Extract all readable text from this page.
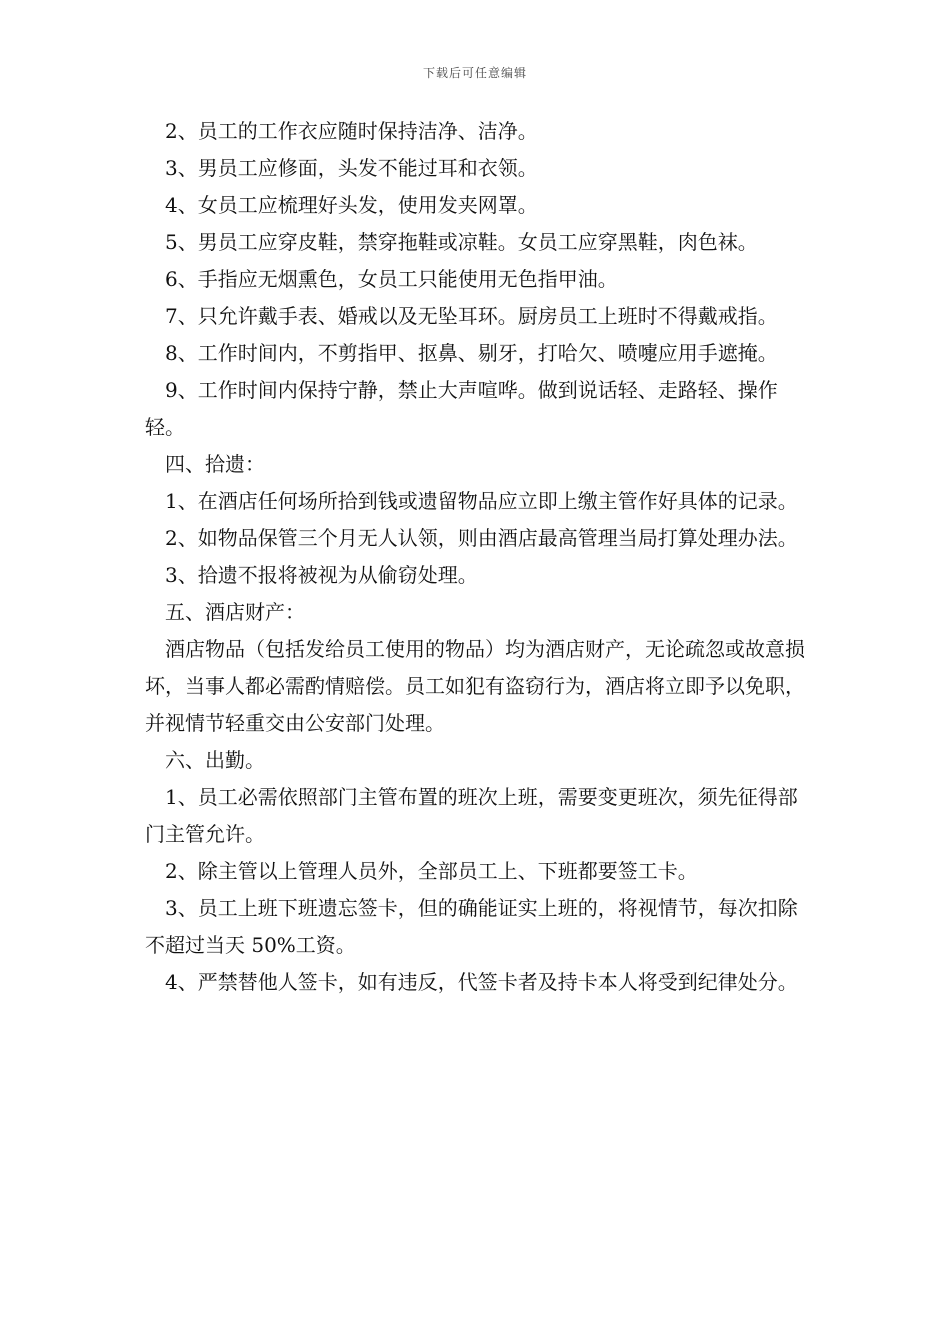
下载后可任意编辑

2、员工的工作衣应随时保持洁净、洁净。

3、男员工应修面，头发不能过耳和衣领。

4、女员工应梳理好头发，使用发夹网罩。

5、男员工应穿皮鞋，禁穿拖鞋或凉鞋。女员工应穿黑鞋，肉色袜。

6、手指应无烟熏色，女员工只能使用无色指甲油。

7、只允许戴手表、婚戒以及无坠耳环。厨房员工上班时不得戴戒指。

8、工作时间内，不剪指甲、抠鼻、剔牙，打哈欠、喷嚏应用手遮掩。

9、工作时间内保持宁静，禁止大声喧哗。做到说话轻、走路轻、操作轻。

四、拾遗：

1、在酒店任何场所拾到钱或遗留物品应立即上缴主管作好具体的记录。

2、如物品保管三个月无人认领，则由酒店最高管理当局打算处理办法。

3、拾遗不报将被视为从偷窃处理。

五、酒店财产：

酒店物品（包括发给员工使用的物品）均为酒店财产，无论疏忽或故意损坏，当事人都必需酌情赔偿。员工如犯有盗窃行为，酒店将立即予以免职，并视情节轻重交由公安部门处理。

六、出勤。

1、员工必需依照部门主管布置的班次上班，需要变更班次，须先征得部门主管允许。

2、除主管以上管理人员外，全部员工上、下班都要签工卡。

3、员工上班下班遗忘签卡，但的确能证实上班的，将视情节，每次扣除不超过当天 50%工资。

4、严禁替他人签卡，如有违反，代签卡者及持卡本人将受到纪律处分。
